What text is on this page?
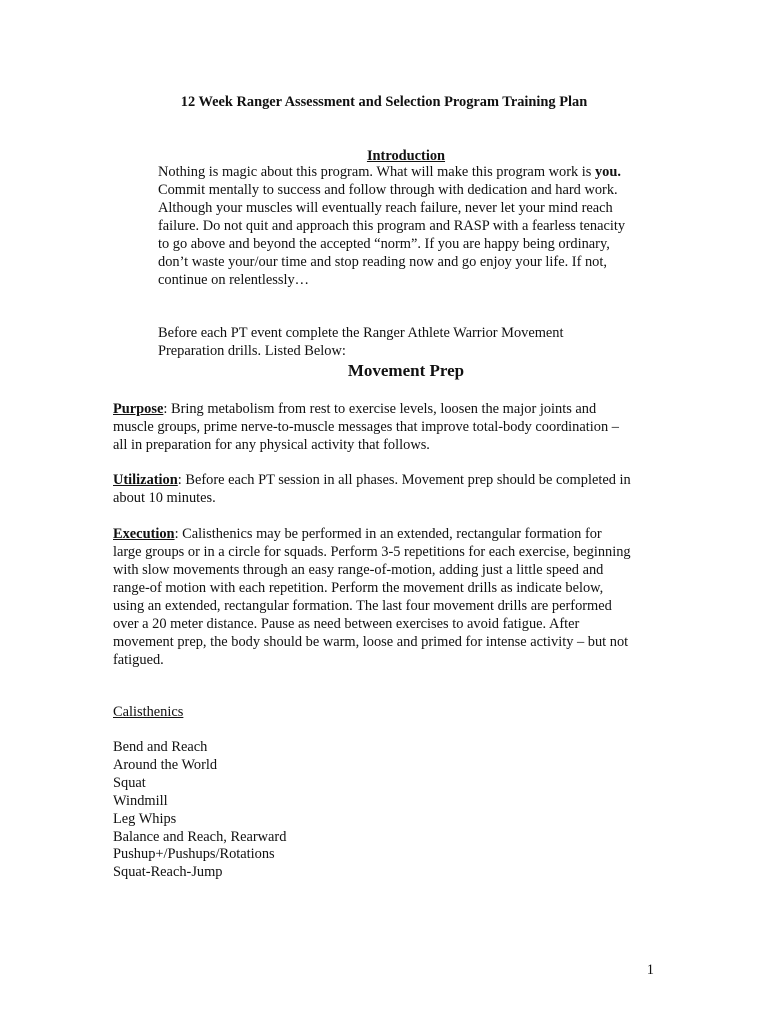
12 Week Ranger Assessment and Selection Program Training Plan
Introduction
Nothing is magic about this program. What will make this program work is you.
Commit mentally to success and follow through with dedication and hard work.
Although your muscles will eventually reach failure, never let your mind reach
failure. Do not quit and approach this program and RASP with a fearless tenacity
to go above and beyond the accepted “norm”. If you are happy being ordinary,
don’t waste your/our time and stop reading now and go enjoy your life. If not,
continue on relentlessly…
Before each PT event complete the Ranger Athlete Warrior Movement
Preparation drills. Listed Below:
Movement Prep
Purpose: Bring metabolism from rest to exercise levels, loosen the major joints and
muscle groups, prime nerve-to-muscle messages that improve total-body coordination –
all in preparation for any physical activity that follows.
Utilization: Before each PT session in all phases. Movement prep should be completed in
about 10 minutes.
Execution: Calisthenics may be performed in an extended, rectangular formation for
large groups or in a circle for squads. Perform 3-5 repetitions for each exercise, beginning
with slow movements through an easy range-of-motion, adding just a little speed and
range-of motion with each repetition. Perform the movement drills as indicate below,
using an extended, rectangular formation. The last four movement drills are performed
over a 20 meter distance. Pause as need between exercises to avoid fatigue. After
movement prep, the body should be warm, loose and primed for intense activity – but not
fatigued.
Calisthenics
Bend and Reach
Around the World
Squat
Windmill
Leg Whips
Balance and Reach, Rearward
Pushup+/Pushups/Rotations
Squat-Reach-Jump
1
